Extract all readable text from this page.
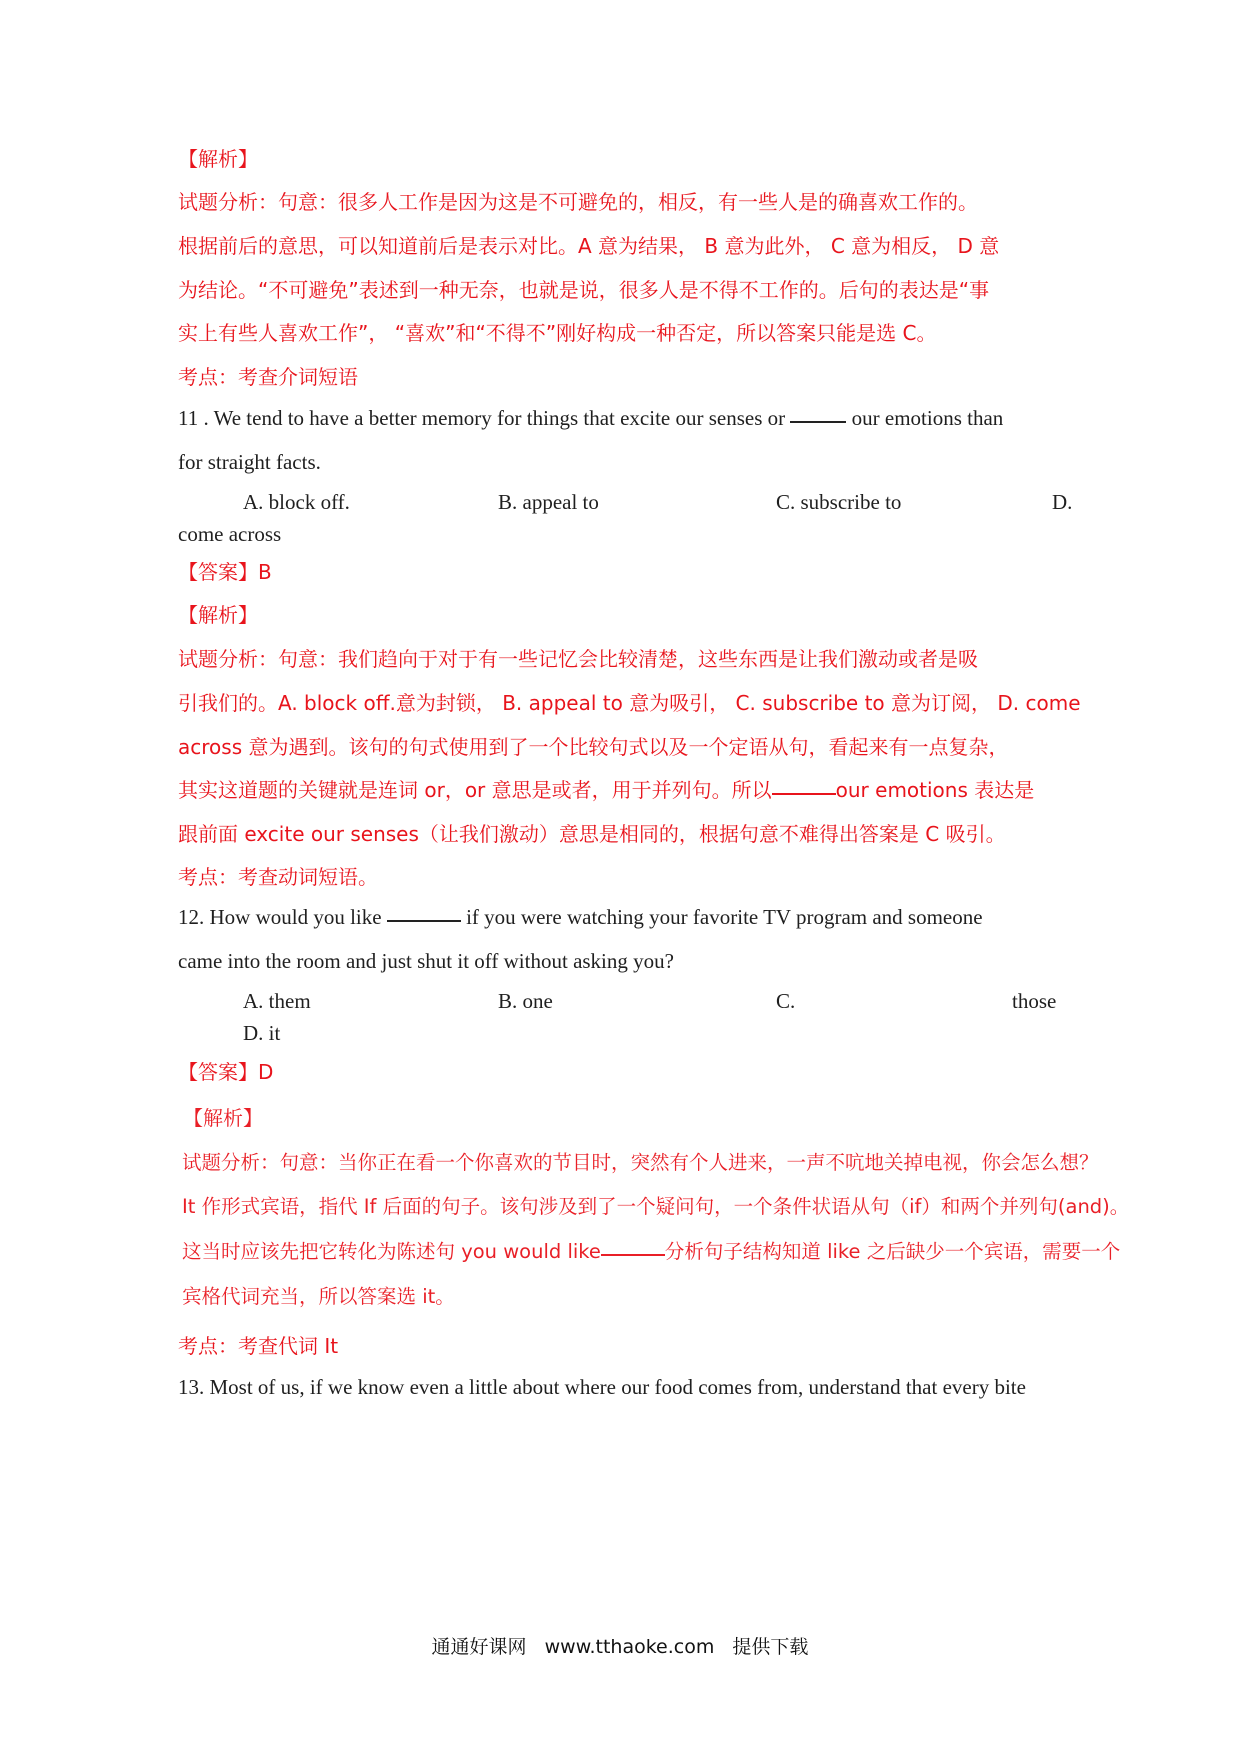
【解析】
试题分析：句意：很多人工作是因为这是不可避免的，相反，有一些人是的确喜欢工作的。
根据前后的意思，可以知道前后是表示对比。A 意为结果， B 意为此外， C 意为相反， D 意
为结论。“不可避免”表述到一种无奈，也就是说，很多人是不得不工作的。后句的表达是“事
实上有些人喜欢工作”， “喜欢”和“不得不”刚好构成一种否定，所以答案只能是选 C。
考点：考查介词短语
11 . We tend to have a better memory for things that excite our senses or	our emotions than
for straight facts.
A. block off.	B. appeal to	C. subscribe to	D.
come across
【答案】B
【解析】
试题分析：句意：我们趋向于对于有一些记忆会比较清楚，这些东西是让我们激动或者是吸
引我们的。A. block off.意为封锁， B. appeal to 意为吸引， C. subscribe to 意为订阅， D. come
across 意为遇到。该句的句式使用到了一个比较句式以及一个定语从句，看起来有一点复杂，
其实这道题的关键就是连词 or，or 意思是或者，用于并列句。所以	our emotions 表达是
跟前面 excite our senses（让我们激动）意思是相同的，根据句意不难得出答案是 C 吸引。
考点：考查动词短语。
12. How would you like	if you were watching your favorite TV program and someone
came into the room and just shut it off without asking you?
A. them	B. one	C.	those
D. it
【答案】D
【解析】
试题分析：句意：当你正在看一个你喜欢的节目时，突然有个人进来，一声不吭地关掉电视，你会怎么想？
It 作形式宾语，指代 If 后面的句子。该句涉及到了一个疑问句，一个条件状语从句（if）和两个并列句(and)。
这当时应该先把它转化为陈述句 you would like	分析句子结构知道 like 之后缺少一个宾语，需要一个
宾格代词充当，所以答案选 it。
考点：考查代词 It
13. Most of us, if we know even a little about where our food comes from, understand that every bite
通通好课网 www.tthaoke.com 提供下载
